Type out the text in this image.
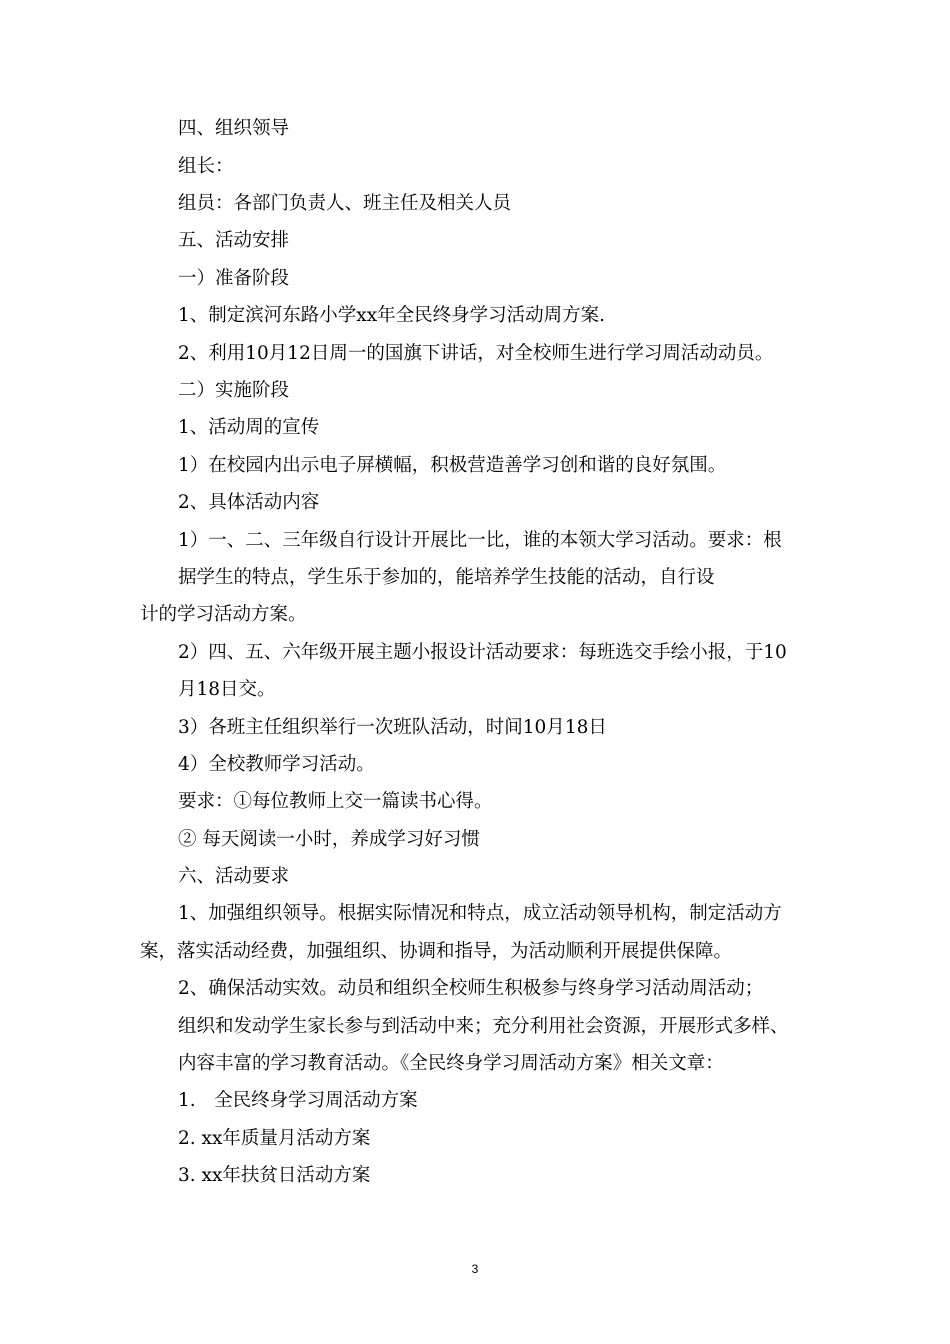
四、组织领导
组长：
组员：各部门负责人、班主任及相关人员
五、活动安排
一）准备阶段
1、制定滨河东路小学xx年全民终身学习活动周方案.
2、利用10月12日周一的国旗下讲话，对全校师生进行学习周活动动员。
二）实施阶段
1、活动周的宣传
1）在校园内出示电子屏横幅，积极营造善学习创和谐的良好氛围。
2、具体活动内容
1）一、二、三年级自行设计开展比一比，谁的本领大学习活动。要求：根
据学生的特点，学生乐于参加的，能培养学生技能的活动，自行设
计的学习活动方案。
2）四、五、六年级开展主题小报设计活动要求：每班选交手绘小报，于10
月18日交。
3）各班主任组织举行一次班队活动，时间10月18日
4）全校教师学习活动。
要求：①每位教师上交一篇读书心得。
② 每天阅读一小时，养成学习好习惯
六、活动要求
1、加强组织领导。根据实际情况和特点，成立活动领导机构，制定活动方
案，落实活动经费，加强组织、协调和指导，为活动顺利开展提供保障。
2、确保活动实效。动员和组织全校师生积极参与终身学习活动周活动；
组织和发动学生家长参与到活动中来；充分利用社会资源，开展形式多样、
内容丰富的学习教育活动。《全民终身学习周活动方案》相关文章：
1.　全民终身学习周活动方案
2. xx年质量月活动方案
3. xx年扶贫日活动方案
3
